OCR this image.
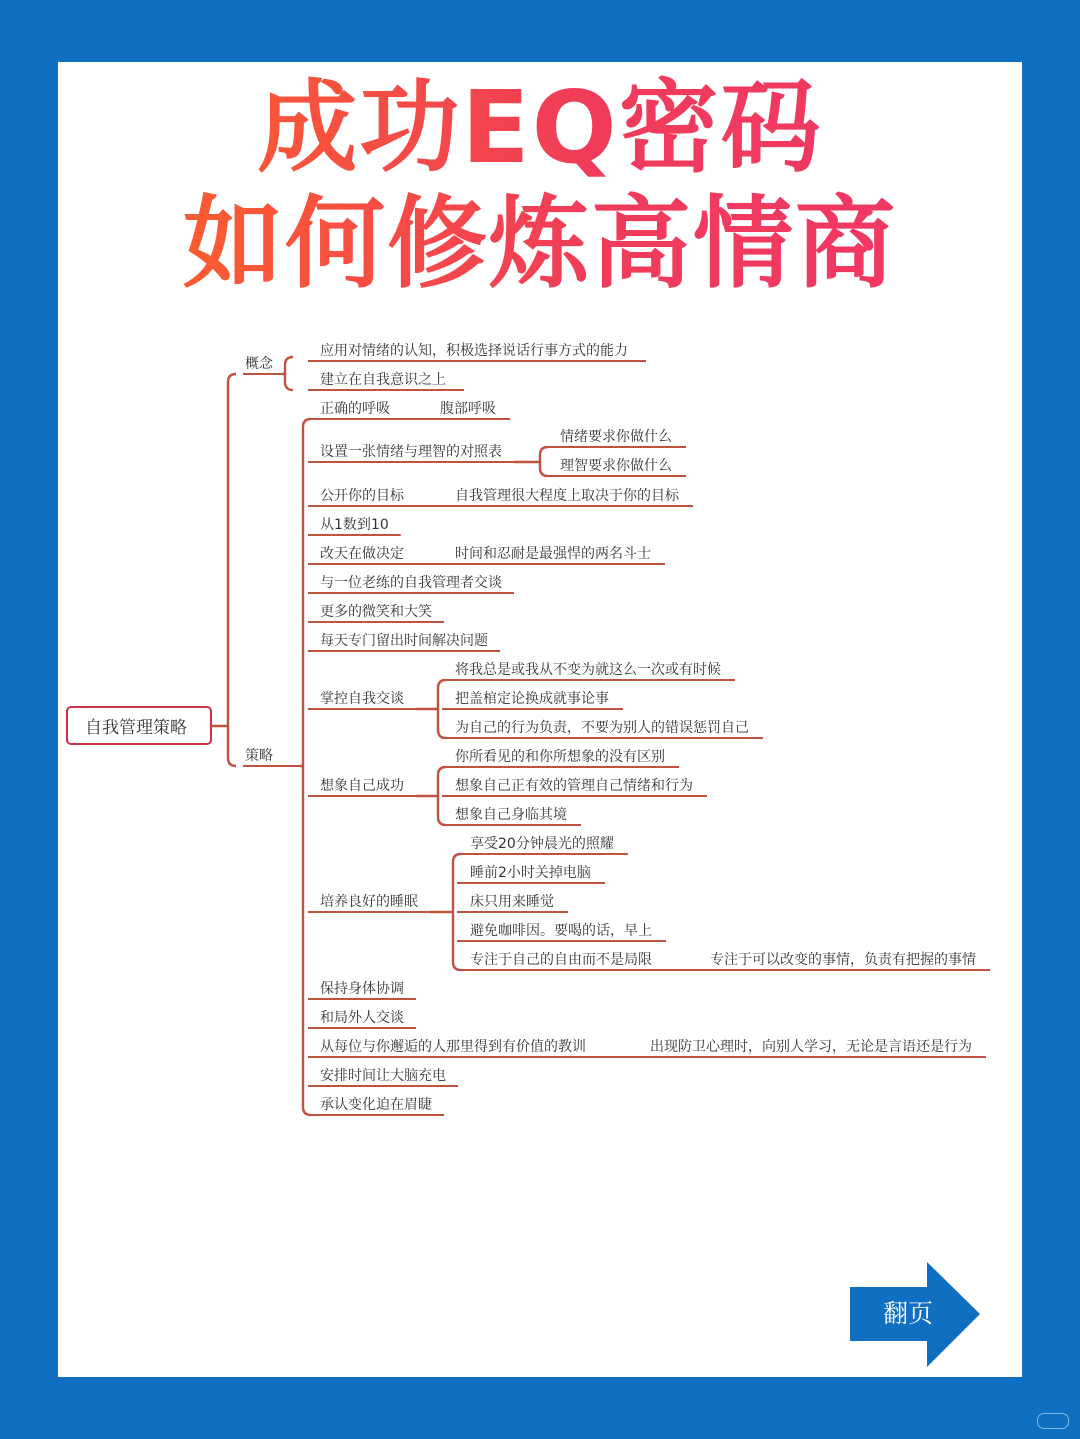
成功EQ密码
如何修炼高情商
自我管理策略
概念
应用对情绪的认知，积极选择说话行事方式的能力
建立在自我意识之上
策略
正确的呼吸	腹部呼吸
设置一张情绪与理智的对照表
情绪要求你做什么
理智要求你做什么
公开你的目标	自我管理很大程度上取决于你的目标
从1数到10
改天在做决定	时间和忍耐是最强悍的两名斗士
与一位老练的自我管理者交谈
更多的微笑和大笑
每天专门留出时间解决问题
掌控自我交谈
将我总是或我从不变为就这么一次或有时候
把盖棺定论换成就事论事
为自己的行为负责，不要为别人的错误惩罚自己
想象自己成功
你所看见的和你所想象的没有区别
想象自己正有效的管理自己情绪和行为
想象自己身临其境
培养良好的睡眠
享受20分钟晨光的照耀
睡前2小时关掉电脑
床只用来睡觉
避免咖啡因。要喝的话，早上
专注于自己的自由而不是局限	专注于可以改变的事情，负责有把握的事情
保持身体协调
和局外人交谈
从每位与你邂逅的人那里得到有价值的教训	出现防卫心理时，向别人学习，无论是言语还是行为
安排时间让大脑充电
承认变化迫在眉睫
翻页
